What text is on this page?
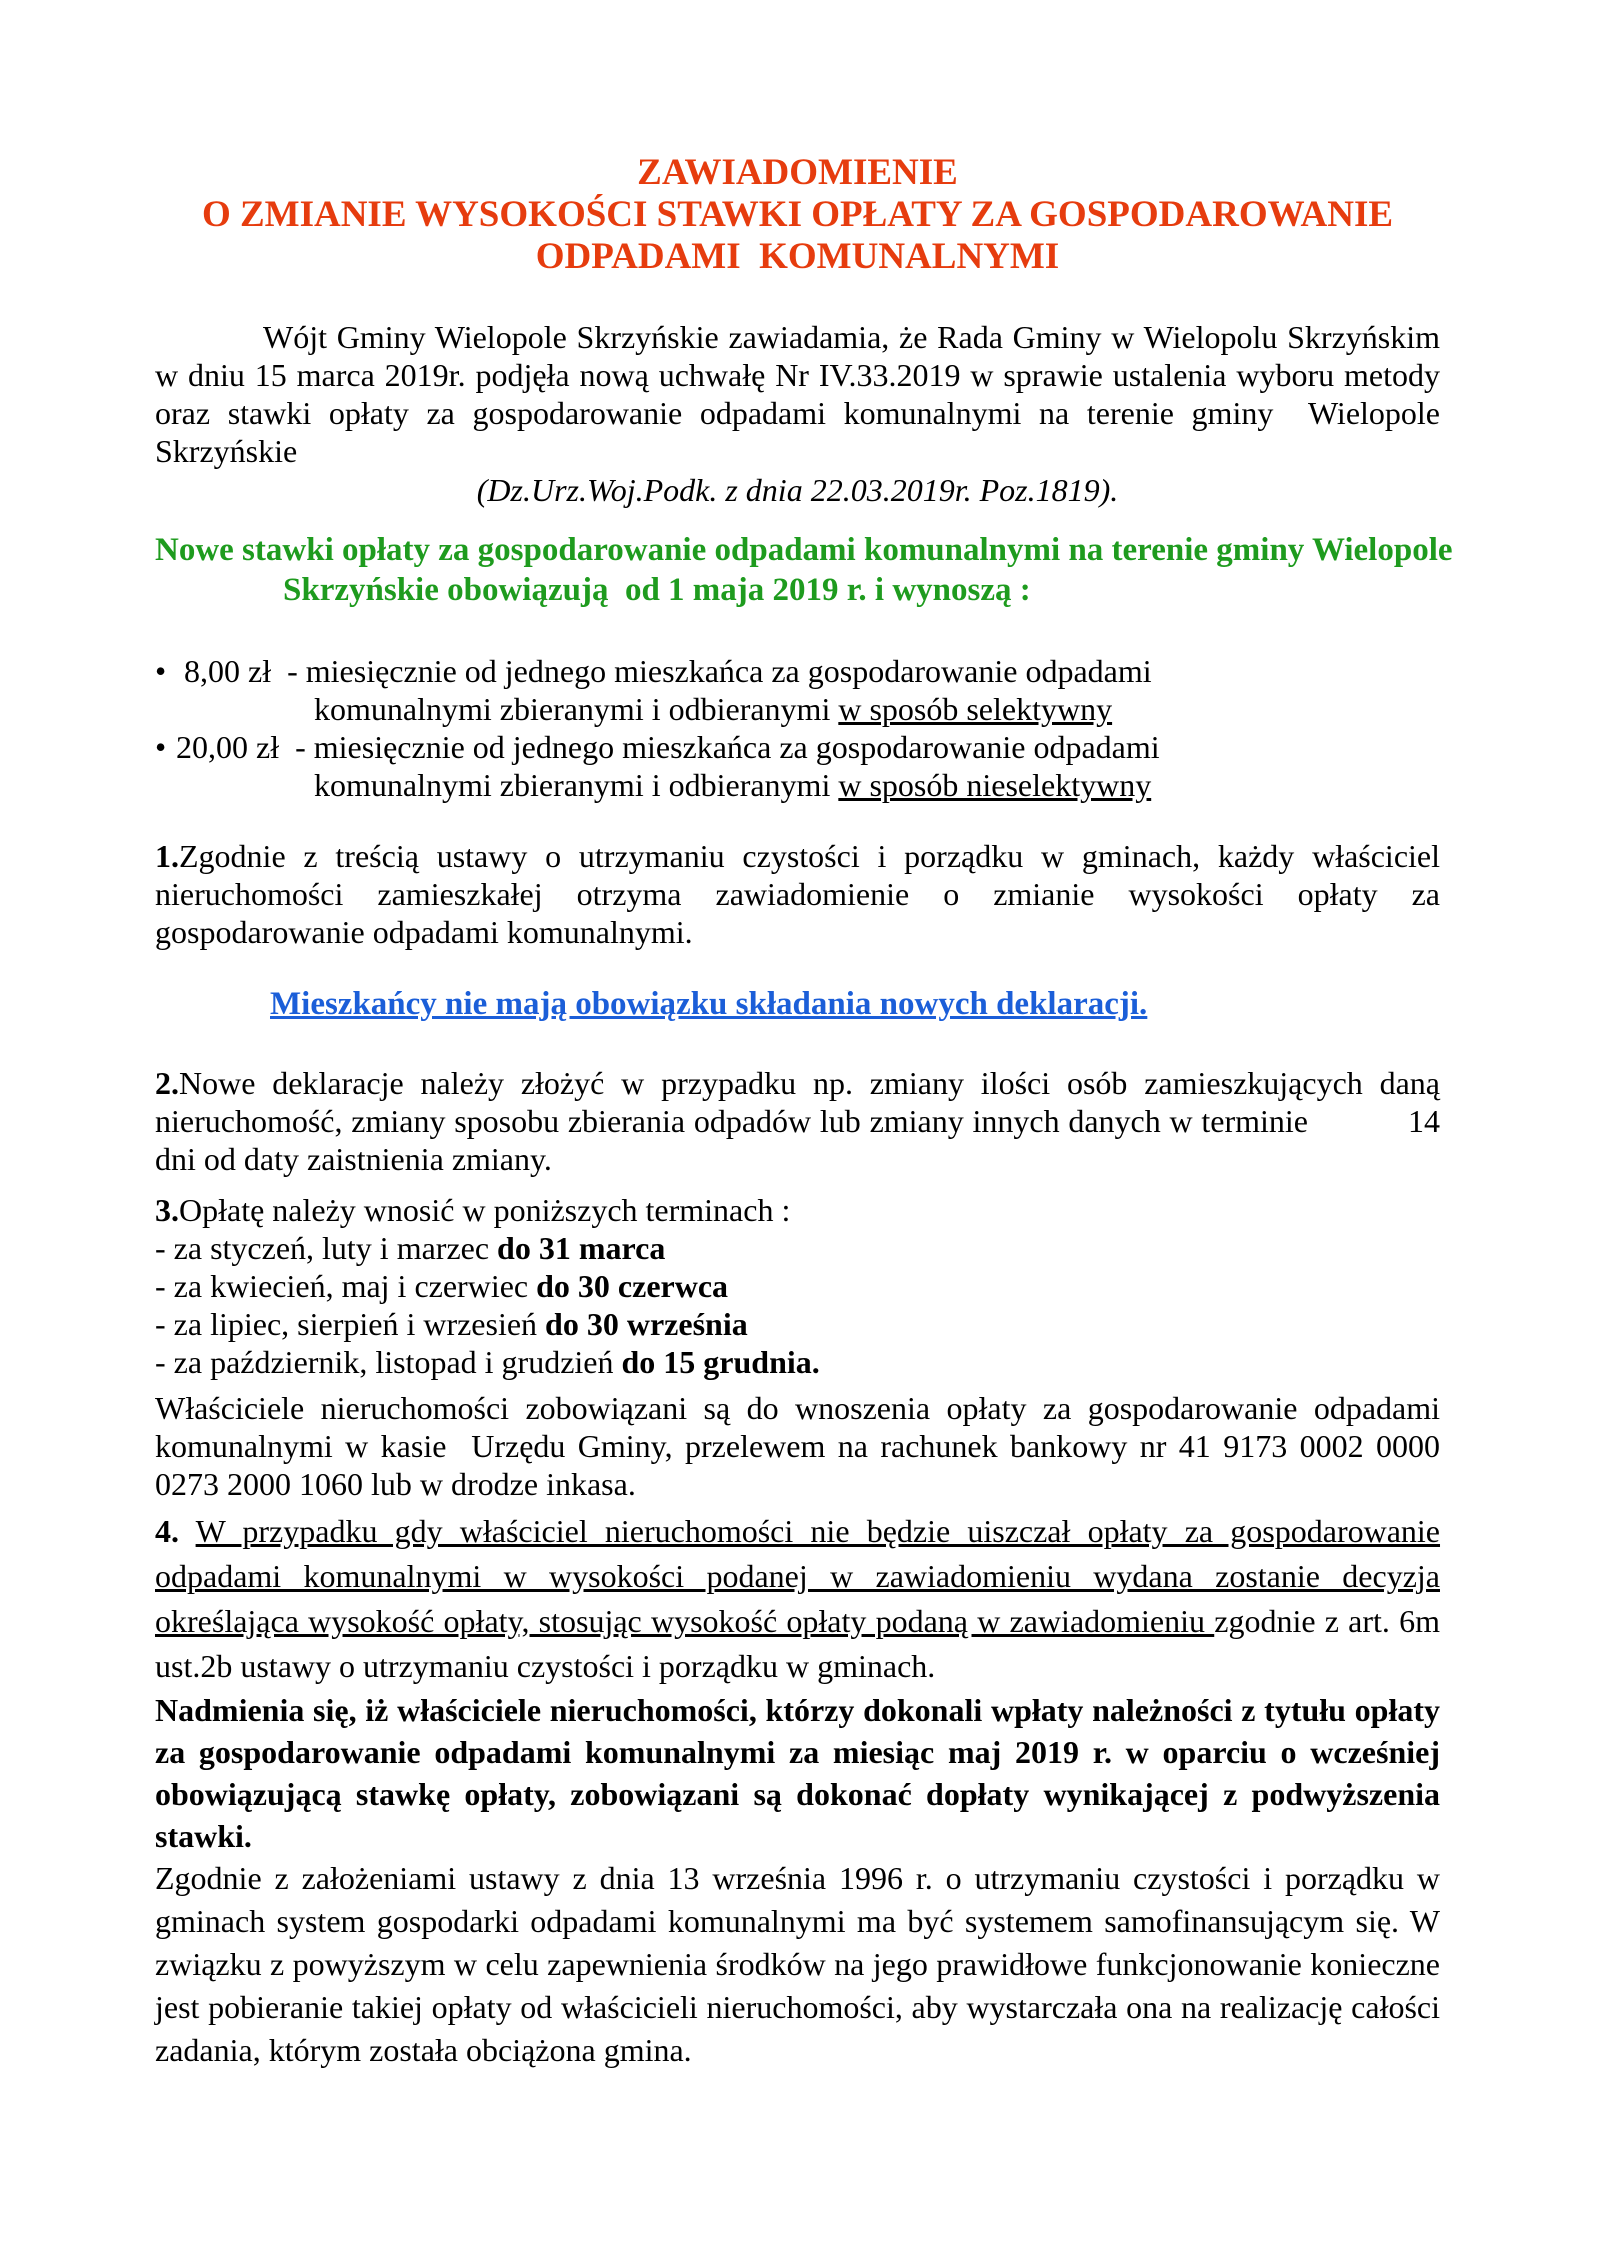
ZAWIADOMIENIE
O ZMIANIE WYSOKOŚCI STAWKI OPŁATY ZA GOSPODAROWANIE
ODPADAMI  KOMUNALNYMI

Wójt Gminy Wielopole Skrzyńskie zawiadamia, że Rada Gminy w Wielopolu Skrzyńskim w dniu 15 marca 2019r. podjęła nową uchwałę Nr IV.33.2019 w sprawie ustalenia wyboru metody oraz stawki opłaty za gospodarowanie odpadami komunalnymi na terenie gminy  Wielopole Skrzyńskie

(Dz.Urz.Woj.Podk. z dnia 22.03.2019r. Poz.1819).

Nowe stawki opłaty za gospodarowanie odpadami komunalnymi na terenie gminy Wielopole
Skrzyńskie obowiązują  od 1 maja 2019 r. i wynoszą :
• 8,00 zł  - miesięcznie od jednego mieszkańca za gospodarowanie odpadami
komunalnymi zbieranymi i odbieranymi w sposób selektywny
• 20,00 zł  - miesięcznie od jednego mieszkańca za gospodarowanie odpadami
komunalnymi zbieranymi i odbieranymi w sposób nieselektywny

1.Zgodnie z treścią ustawy o utrzymaniu czystości i porządku w gminach, każdy właściciel nieruchomości zamieszkałej otrzyma zawiadomienie o zmianie wysokości opłaty za gospodarowanie odpadami komunalnymi.

Mieszkańcy nie mają obowiązku składania nowych deklaracji.

2.Nowe deklaracje należy złożyć w przypadku np. zmiany ilości osób zamieszkujących daną nieruchomość, zmiany sposobu zbierania odpadów lub zmiany innych danych w terminie	14 dni od daty zaistnienia zmiany.

3.Opłatę należy wnosić w poniższych terminach :

- za styczeń, luty i marzec do 31 marca

- za kwiecień, maj i czerwiec do 30 czerwca

- za lipiec, sierpień i wrzesień do 30 września

- za październik, listopad i grudzień do 15 grudnia.

Właściciele nieruchomości zobowiązani są do wnoszenia opłaty za gospodarowanie odpadami komunalnymi w kasie  Urzędu Gminy, przelewem na rachunek bankowy nr 41 9173 0002 0000 0273 2000 1060 lub w drodze inkasa.

4. W przypadku gdy właściciel nieruchomości nie będzie uiszczał opłaty za gospodarowanie odpadami komunalnymi w wysokości podanej w zawiadomieniu wydana zostanie decyzja określająca wysokość opłaty, stosując wysokość opłaty podaną w zawiadomieniu zgodnie z art. 6m ust.2b ustawy o utrzymaniu czystości i porządku w gminach.

Nadmienia się, iż właściciele nieruchomości, którzy dokonali wpłaty należności z tytułu opłaty za gospodarowanie odpadami komunalnymi za miesiąc maj 2019 r. w oparciu o wcześniej obowiązującą stawkę opłaty, zobowiązani są dokonać dopłaty wynikającej z podwyższenia stawki.

Zgodnie z założeniami ustawy z dnia 13 września 1996 r. o utrzymaniu czystości i porządku w gminach system gospodarki odpadami komunalnymi ma być systemem samofinansującym się. W związku z powyższym w celu zapewnienia środków na jego prawidłowe funkcjonowanie konieczne jest pobieranie takiej opłaty od właścicieli nieruchomości, aby wystarczała ona na realizację całości zadania, którym została obciążona gmina.
